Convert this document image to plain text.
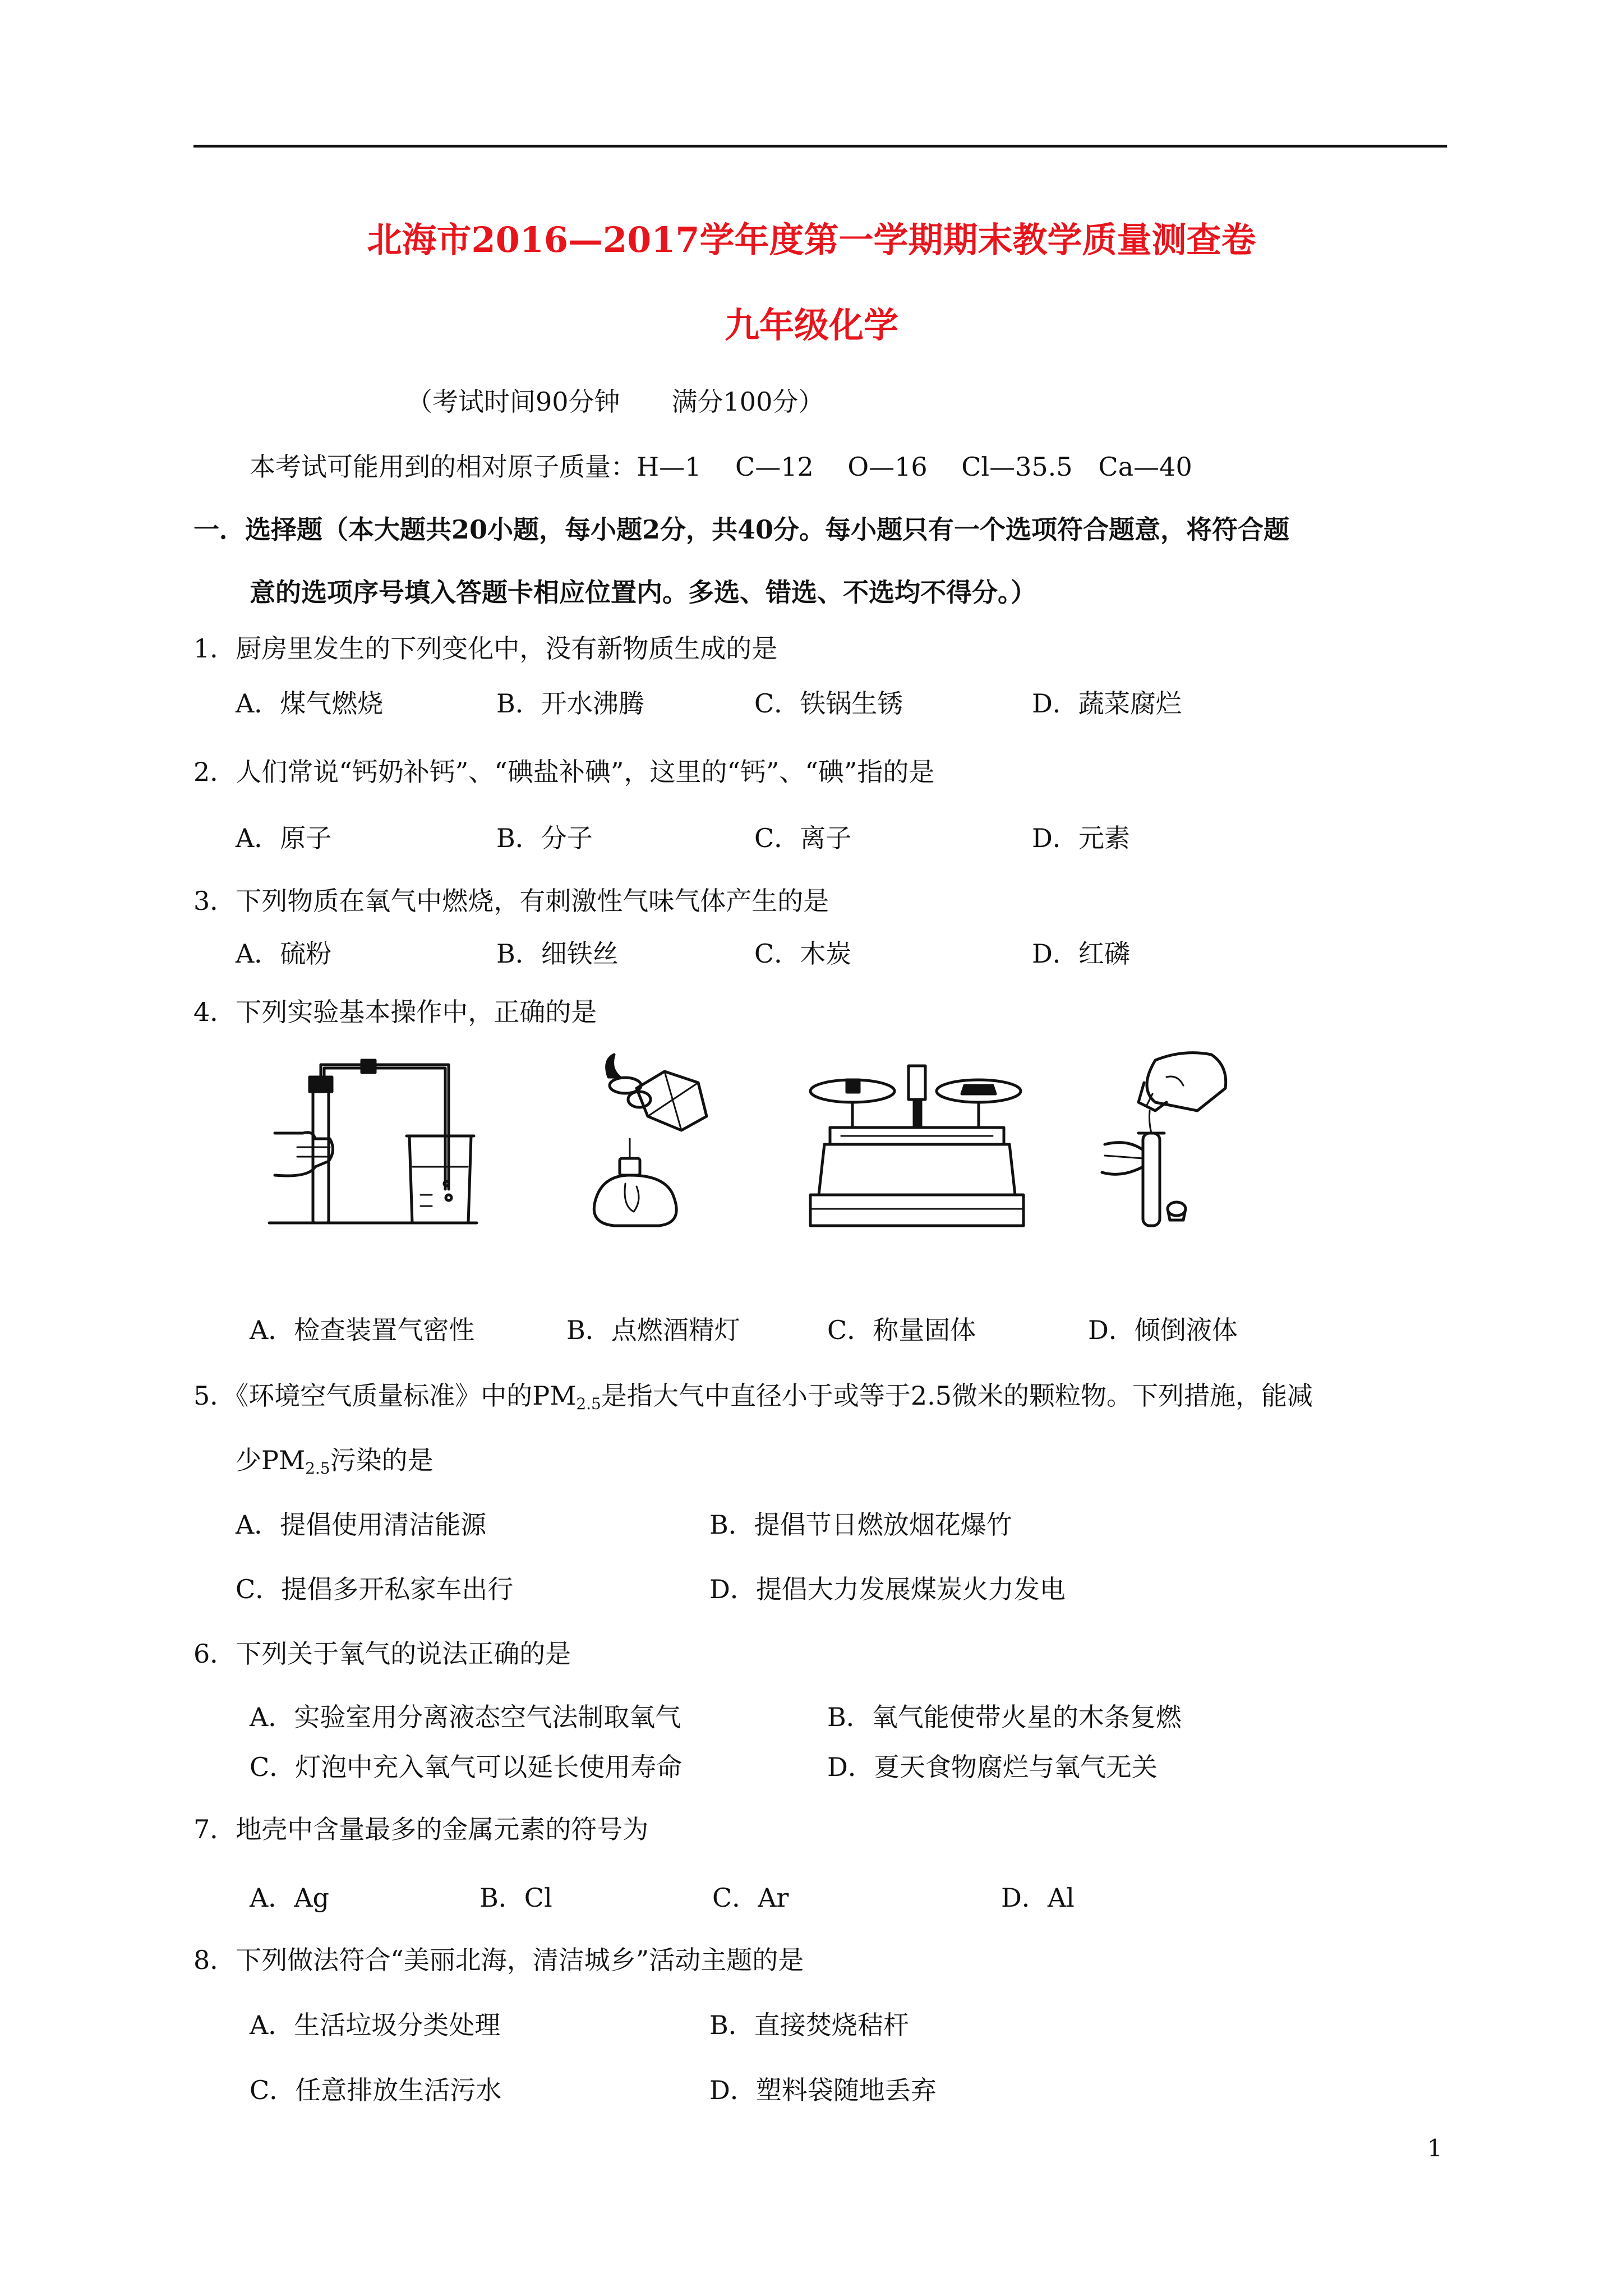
北海市2016—2017学年度第一学期期末教学质量测查卷
九年级化学
（考试时间90分钟　　满分100分）
本考试可能用到的相对原子质量：H—1　 C—12　 O—16　 Cl—35.5　Ca—40
一．选择题（本大题共20小题，每小题2分，共40分。每小题只有一个选项符合题意，将符合题
意的选项序号填入答题卡相应位置内。多选、错选、不选均不得分。）
1．厨房里发生的下列变化中，没有新物质生成的是
A．煤气燃烧	B．开水沸腾	C．铁锅生锈	D．蔬菜腐烂
2．人们常说“钙奶补钙”、“碘盐补碘”，这里的“钙”、“碘”指的是
A．原子	B．分子	C．离子	D．元素
3．下列物质在氧气中燃烧，有刺激性气味气体产生的是
A．硫粉	B．细铁丝	C．木炭	D．红磷
4．下列实验基本操作中，正确的是
A．检查装置气密性	B．点燃酒精灯	C．称量固体	D．倾倒液体
5．《环境空气质量标准》中的$PM_{2.5}$是指大气中直径小于或等于2.5微米的颗粒物。下列措施，能减
少$PM_{2.5}$污染的是
A．提倡使用清洁能源	B．提倡节日燃放烟花爆竹
C．提倡多开私家车出行	D．提倡大力发展煤炭火力发电
6．下列关于氧气的说法正确的是
A．实验室用分离液态空气法制取氧气	B．氧气能使带火星的木条复燃
C．灯泡中充入氧气可以延长使用寿命	D．夏天食物腐烂与氧气无关
7．地壳中含量最多的金属元素的符号为
A．Ag	B．Cl	C．Ar	D．Al
8．下列做法符合“美丽北海，清洁城乡”活动主题的是
A．生活垃圾分类处理	B．直接焚烧秸杆
C．任意排放生活污水	D．塑料袋随地丢弃
1
